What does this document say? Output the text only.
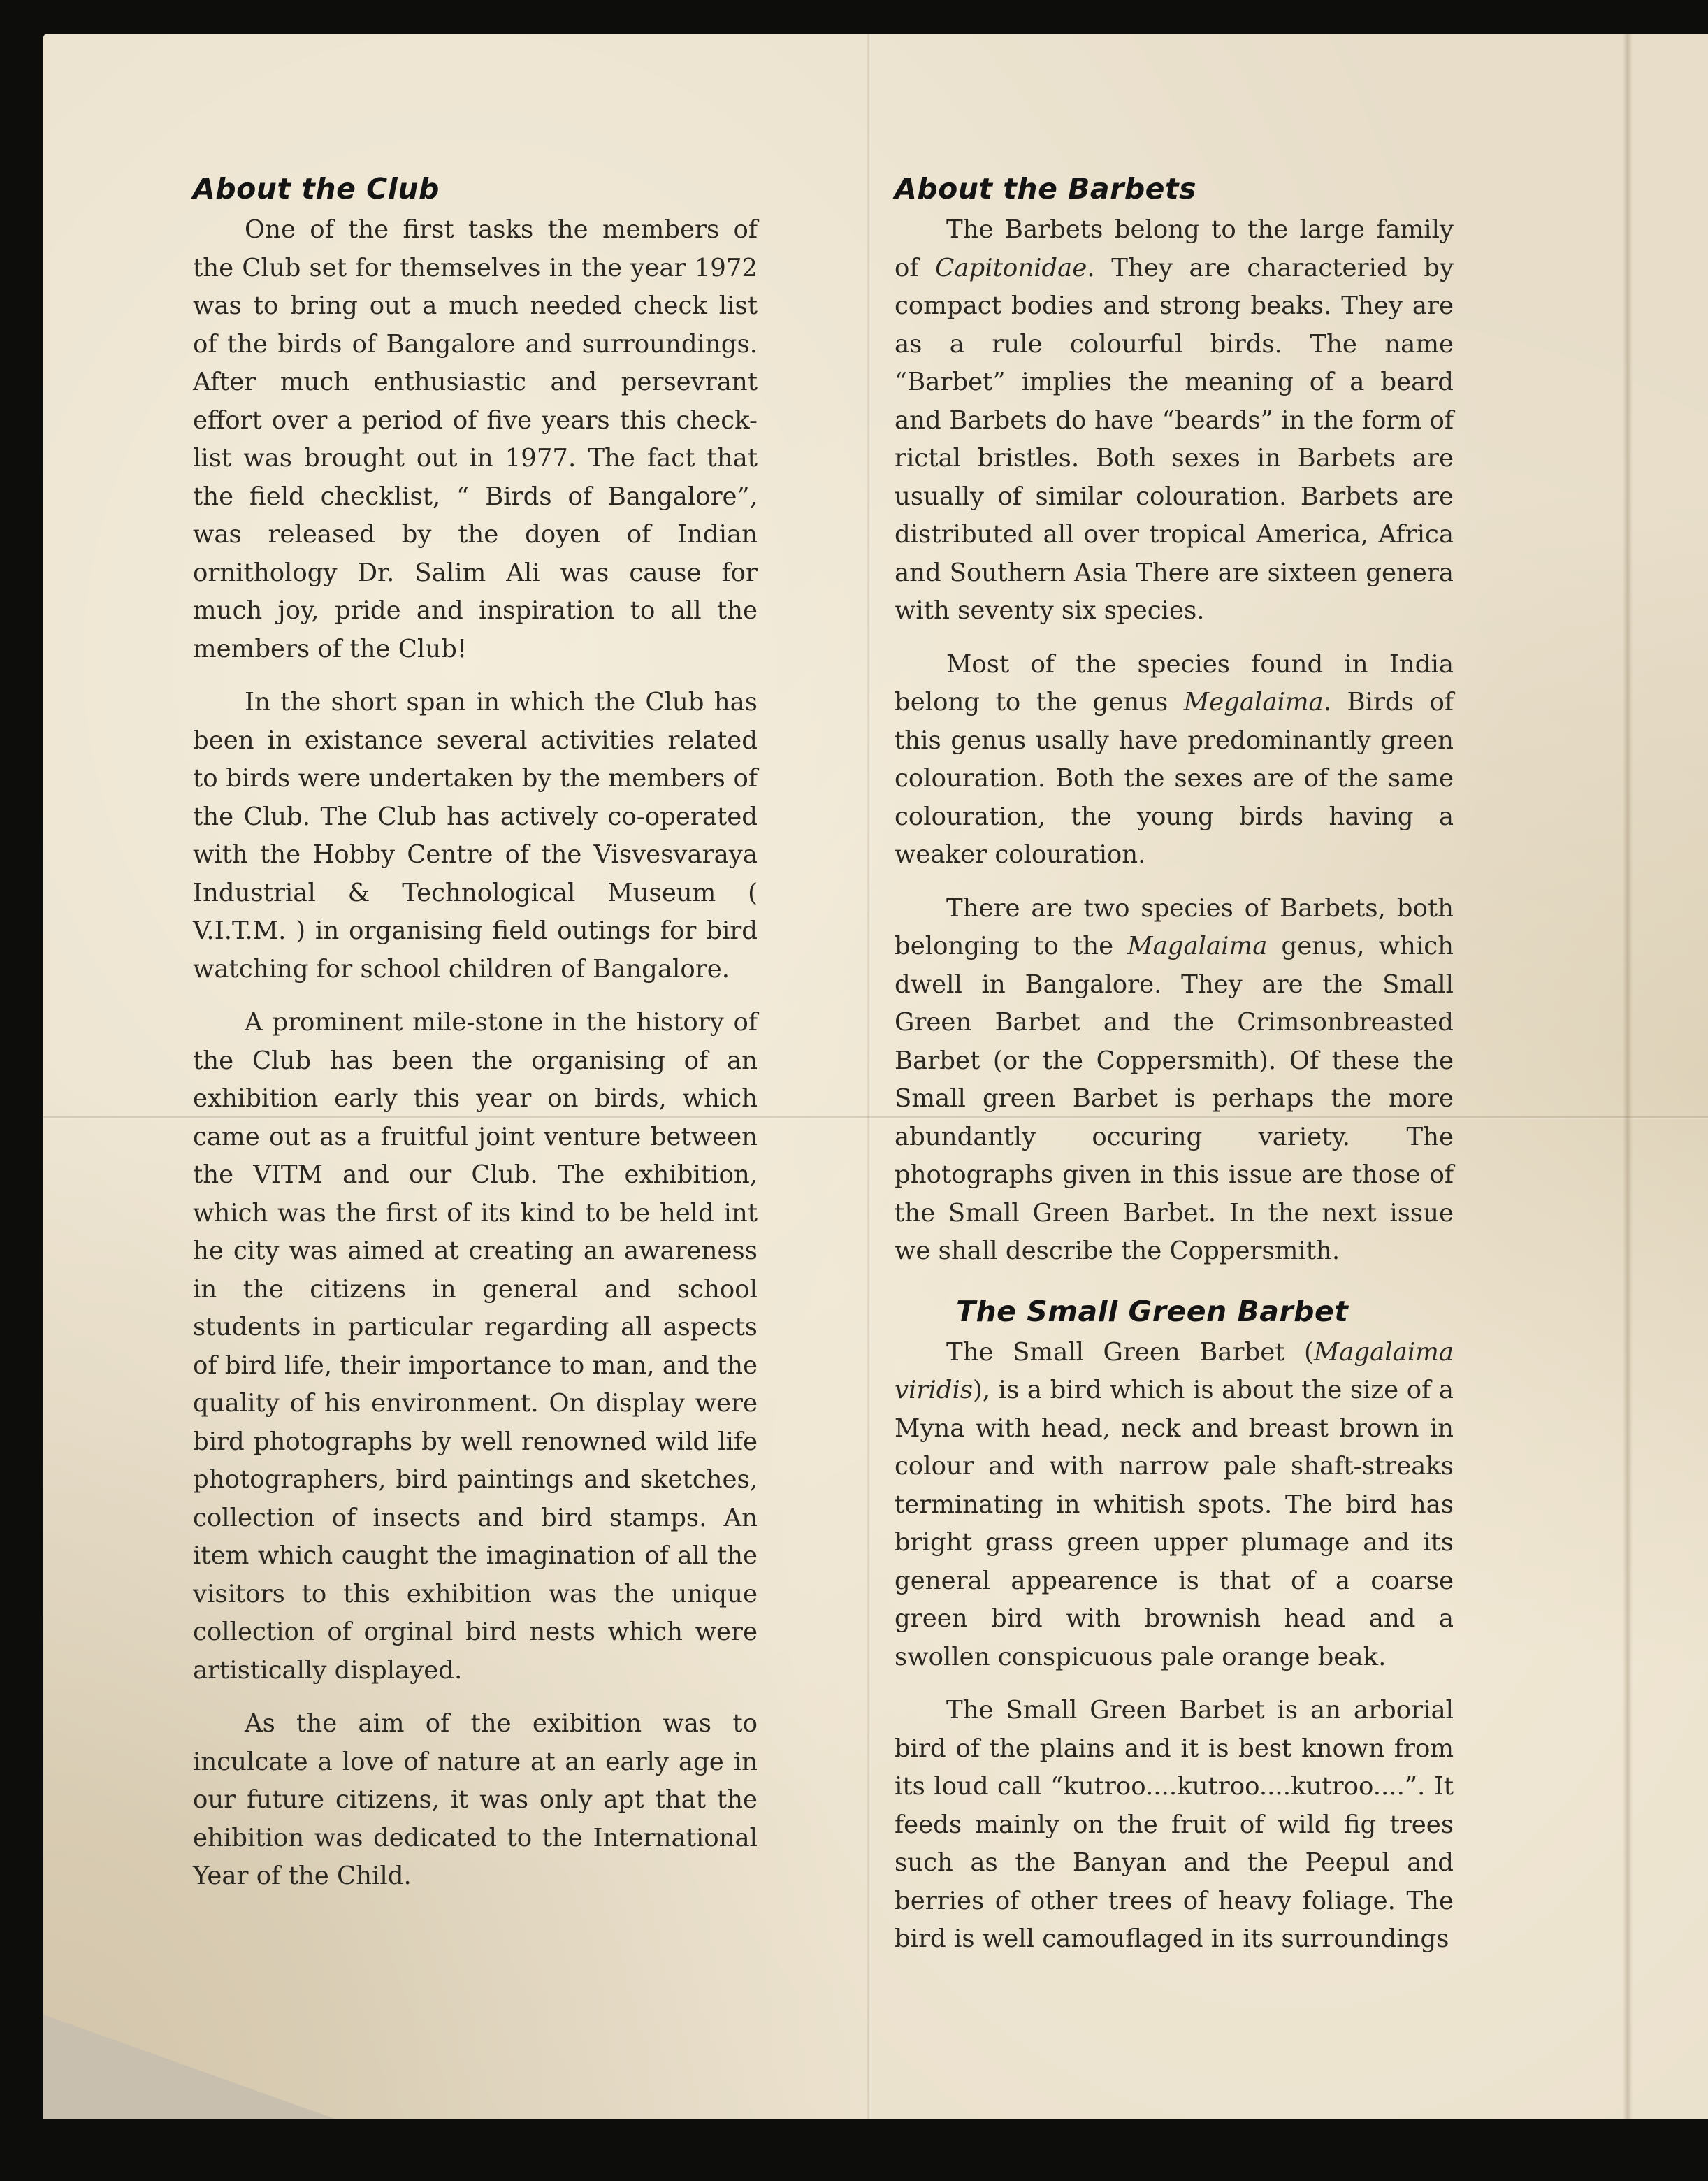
About the Club

One of the first tasks the members of the Club set for themselves in the year 1972 was to bring out a much needed check list of the birds of Bangalore and surroundings. After much enthusiastic and persevrant effort over a period of five years this check-list was brought out in 1977. The fact that the field checklist, “ Birds of Bangalore”, was released by the doyen of Indian ornithology Dr. Salim Ali was cause for much joy, pride and inspiration to all the members of the Club!

In the short span in which the Club has been in existance several activities related to birds were undertaken by the members of the Club. The Club has actively co-operated with the Hobby Centre of the Visvesvaraya Industrial & Technological Museum ( V.I.T.M. ) in organising field outings for bird watching for school children of Bangalore.

A prominent mile-stone in the history of the Club has been the organising of an exhibition early this year on birds, which came out as a fruitful joint venture between the VITM and our Club. The exhibition, which was the first of its kind to be held int he city was aimed at creating an awareness in the citizens in general and school students in particular regarding all aspects of bird life, their importance to man, and the quality of his environment. On display were bird photographs by well renowned wild life photographers, bird paintings and sketches, collection of insects and bird stamps. An item which caught the imagination of all the visitors to this exhibition was the unique collection of orginal bird nests which were artistically displayed.

As the aim of the exibition was to inculcate a love of nature at an early age in our future citizens, it was only apt that the ehibition was dedicated to the International Year of the Child.

About the Barbets

The Barbets belong to the large family of Capitonidae. They are characteried by compact bodies and strong beaks. They are as a rule colourful birds. The name “Barbet” implies the meaning of a beard and Barbets do have “beards” in the form of rictal bristles. Both sexes in Barbets are usually of similar colouration. Barbets are distributed all over tropical America, Africa and Southern Asia There are sixteen genera with seventy six species.

Most of the species found in India belong to the genus Megalaima. Birds of this genus usally have predominantly green colouration. Both the sexes are of the same colouration, the young birds having a weaker colouration.

There are two species of Barbets, both belonging to the Magalaima genus, which dwell in Bangalore. They are the Small Green Barbet and the Crimsonbreasted Barbet (or the Coppersmith). Of these the Small green Barbet is perhaps the more abundantly occuring variety. The photographs given in this issue are those of the Small Green Barbet. In the next issue we shall describe the Coppersmith.

The Small Green Barbet

The Small Green Barbet (Magalaima viridis), is a bird which is about the size of a Myna with head, neck and breast brown in colour and with narrow pale shaft-streaks terminating in whitish spots. The bird has bright grass green upper plumage and its general appearence is that of a coarse green bird with brownish head and a swollen conspicuous pale orange beak.

The Small Green Barbet is an arborial bird of the plains and it is best known from its loud call “kutroo....kutroo....kutroo....”. It feeds mainly on the fruit of wild fig trees such as the Banyan and the Peepul and berries of other trees of heavy foliage. The bird is well camouflaged in its surroundings
